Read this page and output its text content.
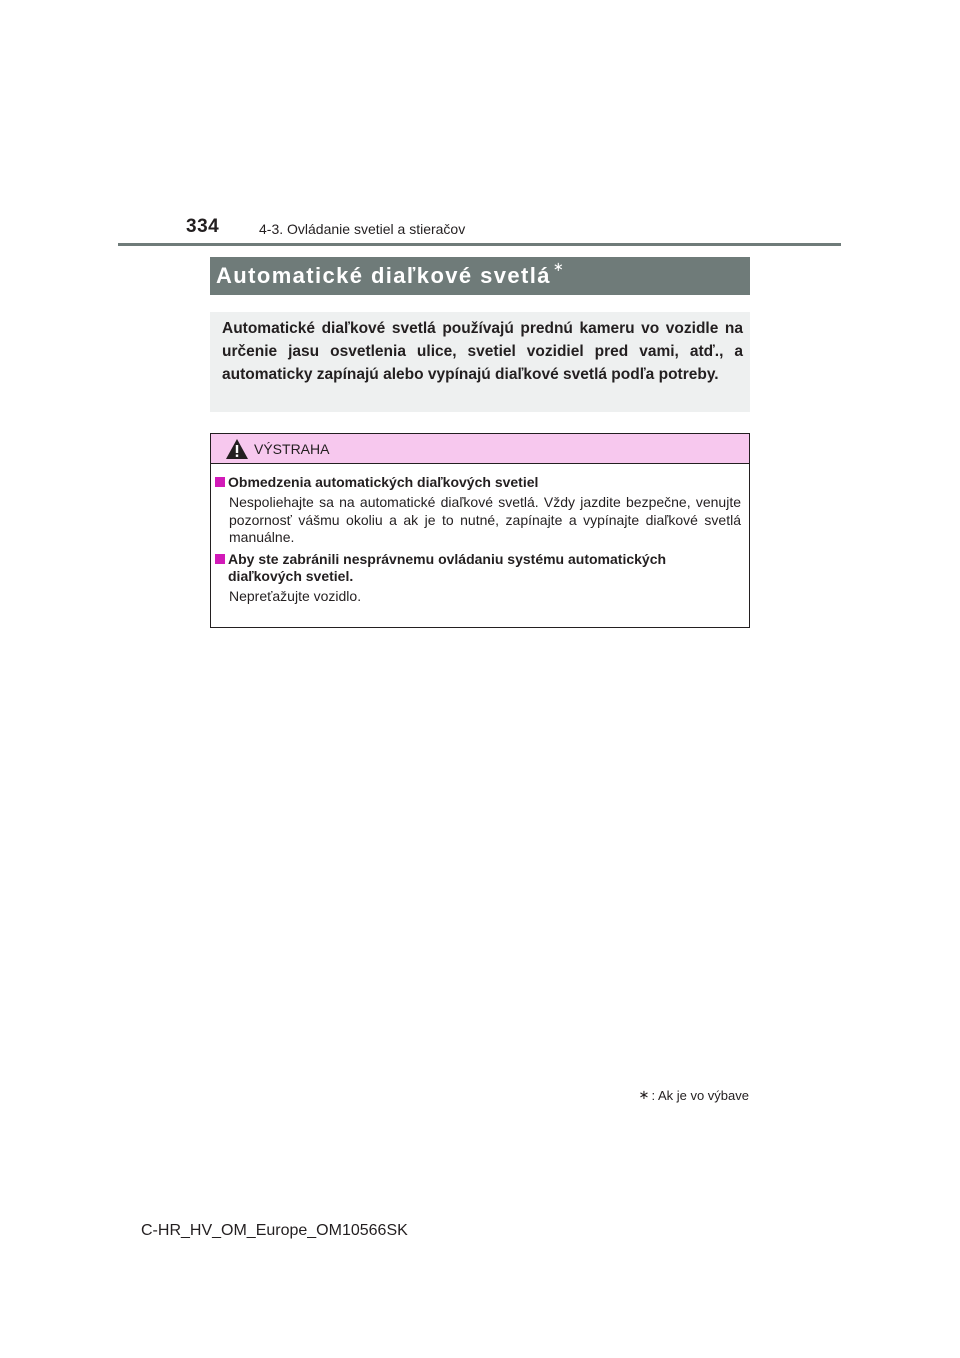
334	4-3. Ovládanie svetiel a stieračov
Automatické diaľkové svetlá ∗

Automatické diaľkové svetlá používajú prednú kameru vo vozidle na určenie jasu osvetlenia ulice, svetiel vozidiel pred vami, atď., a automaticky zapínajú alebo vypínajú diaľkové svetlá podľa potreby.

VÝSTRAHA
Obmedzenia automatických diaľkových svetiel
Nespoliehajte sa na automatické diaľkové svetlá. Vždy jazdite bezpečne, venujte pozornosť vášmu okoliu a ak je to nutné, zapínajte a vypínajte diaľkové svetlá manuálne.
Aby ste zabránili nesprávnemu ovládaniu systému automatických diaľkových svetiel.
Nepreťažujte vozidlo.
∗ : Ak je vo výbave
C-HR_HV_OM_Europe_OM10566SK
